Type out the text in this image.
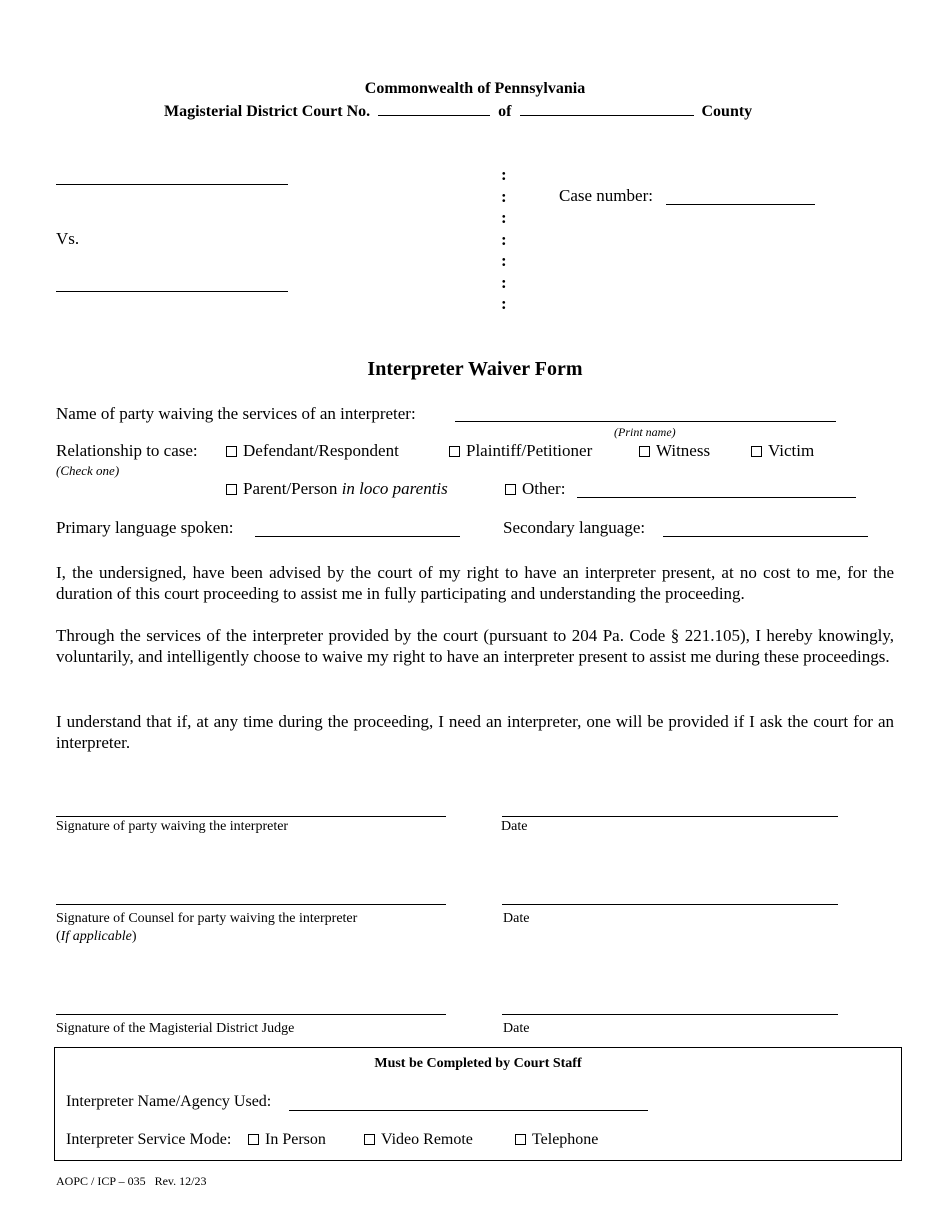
Commonwealth of Pennsylvania
Magisterial District Court No.	of	County
Vs.
:
:
:
:
:
:
:
Case number:
Interpreter Waiver Form
Name of party waiving the services of an interpreter:
(Print name)
Relationship to case:
(Check one)
Defendant/Respondent	Plaintiff/Petitioner	Witness	Victim
Parent/Person in loco parentis	Other:
Primary language spoken:	Secondary language:
I, the undersigned, have been advised by the court of my right to have an interpreter present, at no cost to me, for the duration of this court proceeding to assist me in fully participating and understanding the proceeding.
Through the services of the interpreter provided by the court (pursuant to 204 Pa. Code § 221.105), I hereby knowingly, voluntarily, and intelligently choose to waive my right to have an interpreter present to assist me during these proceedings.
I understand that if, at any time during the proceeding, I need an interpreter, one will be provided if I ask the court for an interpreter.
Signature of party waiving the interpreter	Date
Signature of Counsel for party waiving the interpreter
(If applicable)
Date
Signature of the Magisterial District Judge	Date
Must be Completed by Court Staff
Interpreter Name/Agency Used:
Interpreter Service Mode:	In Person	Video Remote	Telephone
AOPC / ICP – 035 Rev. 12/23
